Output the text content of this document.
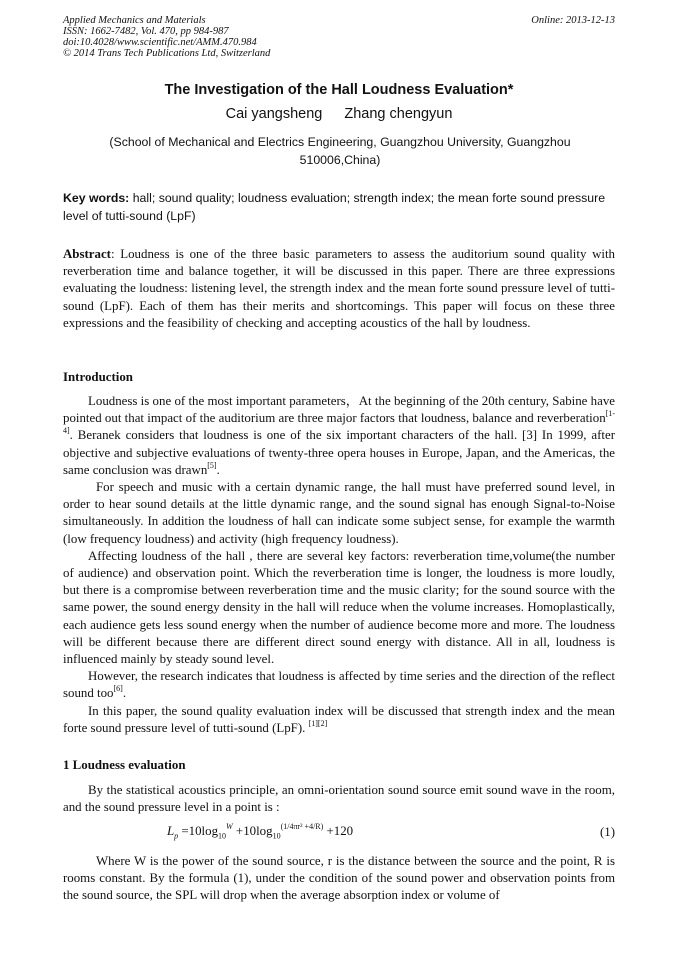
Applied Mechanics and Materials
ISSN: 1662-7482, Vol. 470, pp 984-987
doi:10.4028/www.scientific.net/AMM.470.984
© 2014 Trans Tech Publications Ltd, Switzerland
Online: 2013-12-13
The Investigation of the Hall Loudness Evaluation*
Cai yangsheng Zhang chengyun
(School of Mechanical and Electrics Engineering, Guangzhou University, Guangzhou 510006,China)
Key words: hall; sound quality; loudness evaluation; strength index; the mean forte sound pressure level of tutti-sound (LpF)

Abstract: Loudness is one of the three basic parameters to assess the auditorium sound quality with reverberation time and balance together, it will be discussed in this paper. There are three expressions evaluating the loudness: listening level, the strength index and the mean forte sound pressure level of tutti-sound (LpF). Each of them has their merits and shortcomings. This paper will focus on these three expressions and the feasibility of checking and accepting acoustics of the hall by loudness.

Introduction

Loudness is one of the most important parameters，At the beginning of the 20th century, Sabine have pointed out that impact of the auditorium are three major factors that loudness, balance and reverberation[1-4]. Beranek considers that loudness is one of the six important characters of the hall. [3] In 1999, after objective and subjective evaluations of twenty-three opera houses in Europe, Japan, and the Americas, the same conclusion was drawn[5].

For speech and music with a certain dynamic range, the hall must have preferred sound level, in order to hear sound details at the little dynamic range, and the sound signal has enough Signal-to-Noise simultaneously. In addition the loudness of hall can indicate some subject sense, for example the warmth (low frequency loudness) and activity (high frequency loudness).

Affecting loudness of the hall , there are several key factors: reverberation time,volume(the number of audience) and observation point. Which the reverberation time is longer, the loudness is more loudly, but there is a compromise between reverberation time and the music clarity; for the sound source with the same power, the sound energy density in the hall will reduce when the volume increases. Homoplastically, each audience gets less sound energy when the number of audience become more and more. The loudness will be different because there are different direct sound energy with distance. All in all, loudness is influenced mainly by steady sound level.

However, the research indicates that loudness is affected by time series and the direction of the reflect sound too[6].

In this paper, the sound quality evaluation index will be discussed that strength index and the mean forte sound pressure level of tutti-sound (LpF). [1][2]

1 Loudness evaluation

By the statistical acoustics principle, an omni-orientation sound source emit sound wave in the room, and the sound pressure level in a point is :

$L_p =10\log_{10}^W +10\log_{10}^{(1/4\pi r^2 +4/R)} +120$	(1)

Where W is the power of the sound source, r is the distance between the source and the point, R is rooms constant. By the formula (1), under the condition of the sound power and observation points from the sound source, the SPL will drop when the average absorption index or volume of
